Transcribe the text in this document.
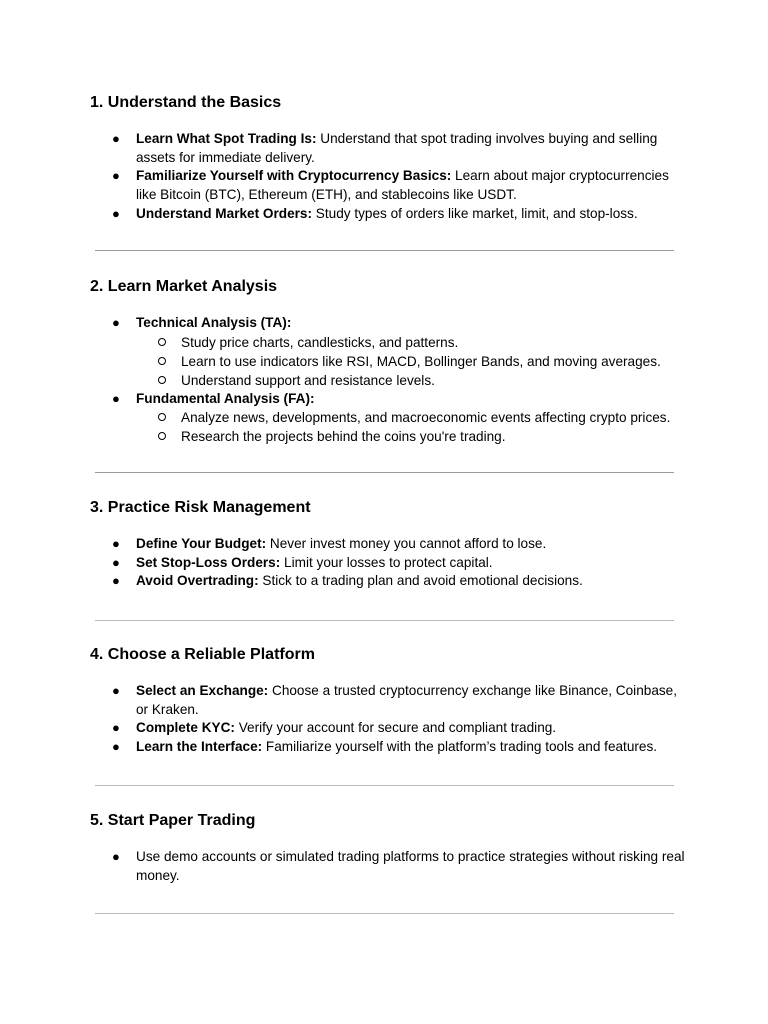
1. Understand the Basics
● Learn What Spot Trading Is: Understand that spot trading involves buying and selling assets for immediate delivery.
● Familiarize Yourself with Cryptocurrency Basics: Learn about major cryptocurrencies like Bitcoin (BTC), Ethereum (ETH), and stablecoins like USDT.
● Understand Market Orders: Study types of orders like market, limit, and stop-loss.
2. Learn Market Analysis
● Technical Analysis (TA):
Study price charts, candlesticks, and patterns.
Learn to use indicators like RSI, MACD, Bollinger Bands, and moving averages.
Understand support and resistance levels.
● Fundamental Analysis (FA):
Analyze news, developments, and macroeconomic events affecting crypto prices.
Research the projects behind the coins you're trading.
3. Practice Risk Management
● Define Your Budget: Never invest money you cannot afford to lose.
● Set Stop-Loss Orders: Limit your losses to protect capital.
● Avoid Overtrading: Stick to a trading plan and avoid emotional decisions.
4. Choose a Reliable Platform
● Select an Exchange: Choose a trusted cryptocurrency exchange like Binance, Coinbase, or Kraken.
● Complete KYC: Verify your account for secure and compliant trading.
● Learn the Interface: Familiarize yourself with the platform’s trading tools and features.
5. Start Paper Trading
● Use demo accounts or simulated trading platforms to practice strategies without risking real money.
